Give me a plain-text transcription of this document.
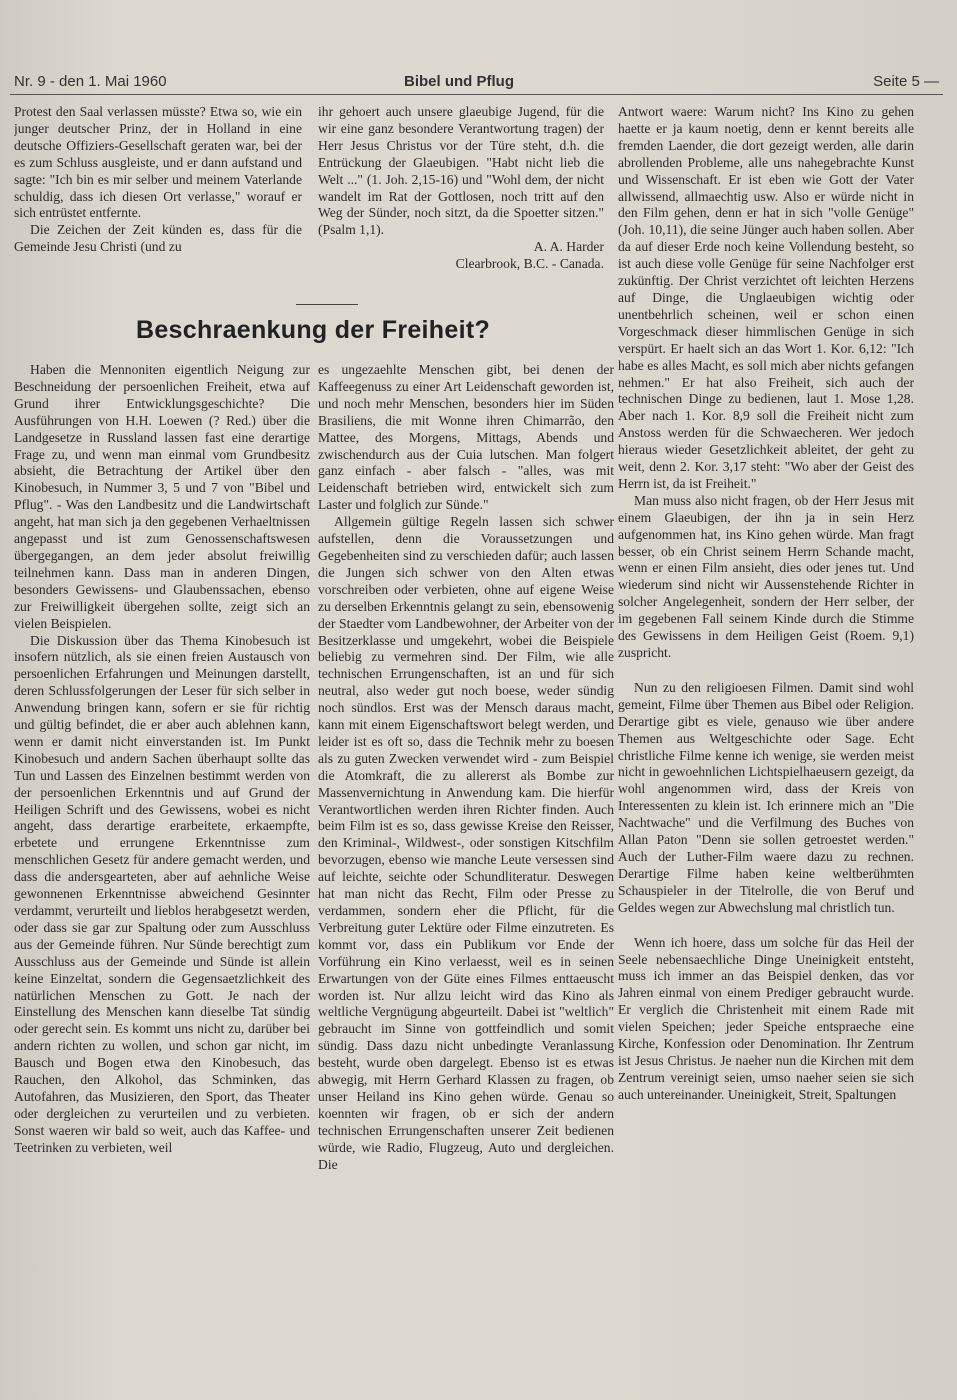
Nr. 9 - den 1. Mai 1960	Bibel und Pflug	Seite 5 —

Protest den Saal verlassen müsste? Etwa so, wie ein junger deutscher Prinz, der in Holland in eine deutsche Offiziers-Gesellschaft geraten war, bei der es zum Schluss ausgleiste, und er dann aufstand und sagte: "Ich bin es mir selber und meinem Vaterlande schuldig, dass ich diesen Ort verlasse," worauf er sich entrüstet entfernte.

Die Zeichen der Zeit künden es, dass für die Gemeinde Jesu Christi (und zu

ihr gehoert auch unsere glaeubige Jugend, für die wir eine ganz besondere Verantwortung tragen) der Herr Jesus Christus vor der Türe steht, d.h. die Entrückung der Glaeubigen. "Habt nicht lieb die Welt ..." (1. Joh. 2,15-16) und "Wohl dem, der nicht wandelt im Rat der Gottlosen, noch tritt auf den Weg der Sünder, noch sitzt, da die Spoetter sitzen." (Psalm 1,1).

A. A. Harder

Clearbrook, B.C. - Canada.

Beschraenkung der Freiheit?

Haben die Mennoniten eigentlich Neigung zur Beschneidung der persoenlichen Freiheit, etwa auf Grund ihrer Entwicklungsgeschichte? Die Ausführungen von H.H. Loewen (? Red.) über die Landgesetze in Russland lassen fast eine derartige Frage zu, und wenn man einmal vom Grundbesitz absieht, die Betrachtung der Artikel über den Kinobesuch, in Nummer 3, 5 und 7 von "Bibel und Pflug". - Was den Landbesitz und die Landwirtschaft angeht, hat man sich ja den gegebenen Verhaeltnissen angepasst und ist zum Genossenschaftswesen übergegangen, an dem jeder absolut freiwillig teilnehmen kann. Dass man in anderen Dingen, besonders Gewissens- und Glaubenssachen, ebenso zur Freiwilligkeit übergehen sollte, zeigt sich an vielen Beispielen.

Die Diskussion über das Thema Kinobesuch ist insofern nützlich, als sie einen freien Austausch von persoenlichen Erfahrungen und Meinungen darstellt, deren Schlussfolgerungen der Leser für sich selber in Anwendung bringen kann, sofern er sie für richtig und gültig befindet, die er aber auch ablehnen kann, wenn er damit nicht einverstanden ist. Im Punkt Kinobesuch und andern Sachen überhaupt sollte das Tun und Lassen des Einzelnen bestimmt werden von der persoenlichen Erkenntnis und auf Grund der Heiligen Schrift und des Gewissens, wobei es nicht angeht, dass derartige erarbeitete, erkaempfte, erbetete und errungene Erkenntnisse zum menschlichen Gesetz für andere gemacht werden, und dass die andersgearteten, aber auf aehnliche Weise gewonnenen Erkenntnisse abweichend Gesinnter verdammt, verurteilt und lieblos herabgesetzt werden, oder dass sie gar zur Spaltung oder zum Ausschluss aus der Gemeinde führen. Nur Sünde berechtigt zum Ausschluss aus der Gemeinde und Sünde ist allein keine Einzeltat, sondern die Gegensaetzlichkeit des natürlichen Menschen zu Gott. Je nach der Einstellung des Menschen kann dieselbe Tat sündig oder gerecht sein. Es kommt uns nicht zu, darüber bei andern richten zu wollen, und schon gar nicht, im Bausch und Bogen etwa den Kinobesuch, das Rauchen, den Alkohol, das Schminken, das Autofahren, das Musizieren, den Sport, das Theater oder dergleichen zu verurteilen und zu verbieten. Sonst waeren wir bald so weit, auch das Kaffee- und Teetrinken zu verbieten, weil

es ungezaehlte Menschen gibt, bei denen der Kaffeegenuss zu einer Art Leidenschaft geworden ist, und noch mehr Menschen, besonders hier im Süden Brasiliens, die mit Wonne ihren Chimarrão, den Mattee, des Morgens, Mittags, Abends und zwischendurch aus der Cuia lutschen. Man folgert ganz einfach - aber falsch - "alles, was mit Leidenschaft betrieben wird, entwickelt sich zum Laster und folglich zur Sünde."

Allgemein gültige Regeln lassen sich schwer aufstellen, denn die Voraussetzungen und Gegebenheiten sind zu verschieden dafür; auch lassen die Jungen sich schwer von den Alten etwas vorschreiben oder verbieten, ohne auf eigene Weise zu derselben Erkenntnis gelangt zu sein, ebensowenig der Staedter vom Landbewohner, der Arbeiter von der Besitzerklasse und umgekehrt, wobei die Beispiele beliebig zu vermehren sind. Der Film, wie alle technischen Errungenschaften, ist an und für sich neutral, also weder gut noch boese, weder sündig noch sündlos. Erst was der Mensch daraus macht, kann mit einem Eigenschaftswort belegt werden, und leider ist es oft so, dass die Technik mehr zu boesen als zu guten Zwecken verwendet wird - zum Beispiel die Atomkraft, die zu allererst als Bombe zur Massenvernichtung in Anwendung kam. Die hierfür Verantwortlichen werden ihren Richter finden. Auch beim Film ist es so, dass gewisse Kreise den Reisser, den Kriminal-, Wildwest-, oder sonstigen Kitschfilm bevorzugen, ebenso wie manche Leute versessen sind auf leichte, seichte oder Schundliteratur. Deswegen hat man nicht das Recht, Film oder Presse zu verdammen, sondern eher die Pflicht, für die Verbreitung guter Lektüre oder Filme einzutreten. Es kommt vor, dass ein Publikum vor Ende der Vorführung ein Kino verlaesst, weil es in seinen Erwartungen von der Güte eines Filmes enttaeuscht worden ist. Nur allzu leicht wird das Kino als weltliche Vergnügung abgeurteilt. Dabei ist "weltlich" gebraucht im Sinne von gottfeindlich und somit sündig. Dass dazu nicht unbedingte Veranlassung besteht, wurde oben dargelegt. Ebenso ist es etwas abwegig, mit Herrn Gerhard Klassen zu fragen, ob unser Heiland ins Kino gehen würde. Genau so koennten wir fragen, ob er sich der andern technischen Errungenschaften unserer Zeit bedienen würde, wie Radio, Flugzeug, Auto und dergleichen. Die

Antwort waere: Warum nicht? Ins Kino zu gehen haette er ja kaum noetig, denn er kennt bereits alle fremden Laender, die dort gezeigt werden, alle darin abrollenden Probleme, alle uns nahegebrachte Kunst und Wissenschaft. Er ist eben wie Gott der Vater allwissend, allmaechtig usw. Also er würde nicht in den Film gehen, denn er hat in sich "volle Genüge" (Joh. 10,11), die seine Jünger auch haben sollen. Aber da auf dieser Erde noch keine Vollendung besteht, so ist auch diese volle Genüge für seine Nachfolger erst zukünftig. Der Christ verzichtet oft leichten Herzens auf Dinge, die Unglaeubigen wichtig oder unentbehrlich scheinen, weil er schon einen Vorgeschmack dieser himmlischen Genüge in sich verspürt. Er haelt sich an das Wort 1. Kor. 6,12: "Ich habe es alles Macht, es soll mich aber nichts gefangen nehmen." Er hat also Freiheit, sich auch der technischen Dinge zu bedienen, laut 1. Mose 1,28. Aber nach 1. Kor. 8,9 soll die Freiheit nicht zum Anstoss werden für die Schwaecheren. Wer jedoch hieraus wieder Gesetzlichkeit ableitet, der geht zu weit, denn 2. Kor. 3,17 steht: "Wo aber der Geist des Herrn ist, da ist Freiheit."

Man muss also nicht fragen, ob der Herr Jesus mit einem Glaeubigen, der ihn ja in sein Herz aufgenommen hat, ins Kino gehen würde. Man fragt besser, ob ein Christ seinem Herrn Schande macht, wenn er einen Film ansieht, dies oder jenes tut. Und wiederum sind nicht wir Aussenstehende Richter in solcher Angelegenheit, sondern der Herr selber, der im gegebenen Fall seinem Kinde durch die Stimme des Gewissens in dem Heiligen Geist (Roem. 9,1) zuspricht.

Nun zu den religioesen Filmen. Damit sind wohl gemeint, Filme über Themen aus Bibel oder Religion. Derartige gibt es viele, genauso wie über andere Themen aus Weltgeschichte oder Sage. Echt christliche Filme kenne ich wenige, sie werden meist nicht in gewoehnlichen Lichtspielhaeusern gezeigt, da wohl angenommen wird, dass der Kreis von Interessenten zu klein ist. Ich erinnere mich an "Die Nachtwache" und die Verfilmung des Buches von Allan Paton "Denn sie sollen getroestet werden." Auch der Luther-Film waere dazu zu rechnen. Derartige Filme haben keine weltberühmten Schauspieler in der Titelrolle, die von Beruf und Geldes wegen zur Abwechslung mal christlich tun.

Wenn ich hoere, dass um solche für das Heil der Seele nebensaechliche Dinge Uneinigkeit entsteht, muss ich immer an das Beispiel denken, das vor Jahren einmal von einem Prediger gebraucht wurde. Er verglich die Christenheit mit einem Rade mit vielen Speichen; jeder Speiche entspraeche eine Kirche, Konfession oder Denomination. Ihr Zentrum ist Jesus Christus. Je naeher nun die Kirchen mit dem Zentrum vereinigt seien, umso naeher seien sie sich auch untereinander. Uneinigkeit, Streit, Spaltungen
